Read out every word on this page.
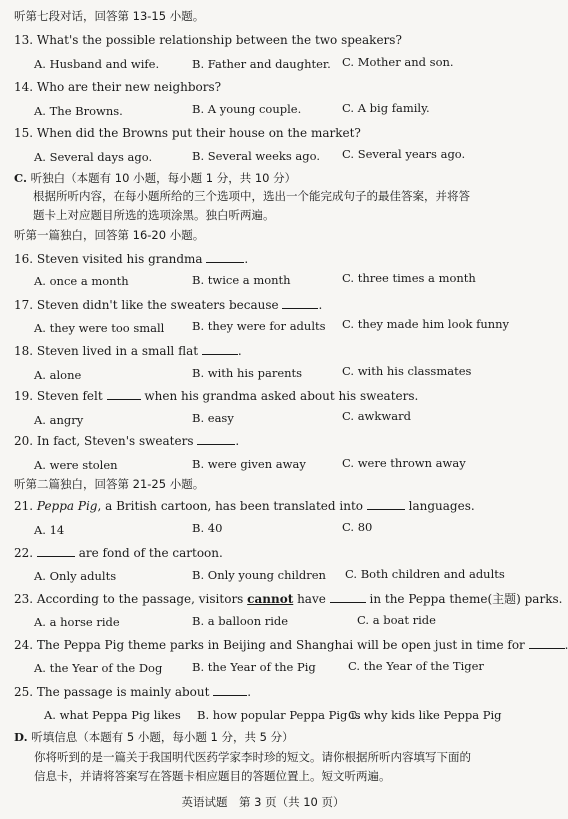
听第七段对话，回答第 13-15 小题。
13. What's the possible relationship between the two speakers?
A. Husband and wife.	B. Father and daughter. C. Mother and son.
14. Who are their new neighbors?
A. The Browns.	B. A young couple.	C. A big family.
15. When did the Browns put their house on the market?
A. Several days ago.	B. Several weeks ago. C. Several years ago.
C. 听独白（本题有 10 小题，每小题 1 分，共 10 分）
根据所听内容，在每小题所给的三个选项中，选出一个能完成句子的最佳答案，并将答
题卡上对应题目所选的选项涂黑。独白听两遍。
听第一篇独白，回答第 16-20 小题。
16. Steven visited his grandma	.
A. once a month	B. twice a month	C. three times a month
17. Steven didn't like the sweaters because	.
A. they were too small B. they were for adults C. they made him look funny
18. Steven lived in a small flat	.
A. alone	B. with his parents	C. with his classmates
19. Steven felt	when his grandma asked about his sweaters.
A. angry	B. easy	C. awkward
20. In fact, Steven's sweaters	.
A. were stolen	B. were given away	C. were thrown away
听第二篇独白，回答第 21-25 小题。
21. Peppa Pig, a British cartoon, has been translated into	languages.
A. 14	B. 40	C. 80
22.	are fond of the cartoon.
A. Only adults	B. Only young children C. Both children and adults
23. According to the passage, visitors cannot have	in the Peppa theme(主题) parks.
A. a horse ride	B. a balloon ride	C. a boat ride
24. The Peppa Pig theme parks in Beijing and Shanghai will be open just in time for
A. the Year of the Dog	B. the Year of the Pig	C. the Year of the Tiger
25. The passage is mainly about	.
A. what Peppa Pig likes B. how popular Peppa Pig is
C. why kids like Peppa Pig
D. 听填信息（本题有 5 小题，每小题 1 分，共 5 分）
你将听到的是一篇关于我国明代医药学家李时珍的短文。请你根据所听内容填写下面的
信息卡，并请将答案写在答题卡相应题目的答题位置上。短文听两遍。
英语试题　第 3 页（共 10 页）
